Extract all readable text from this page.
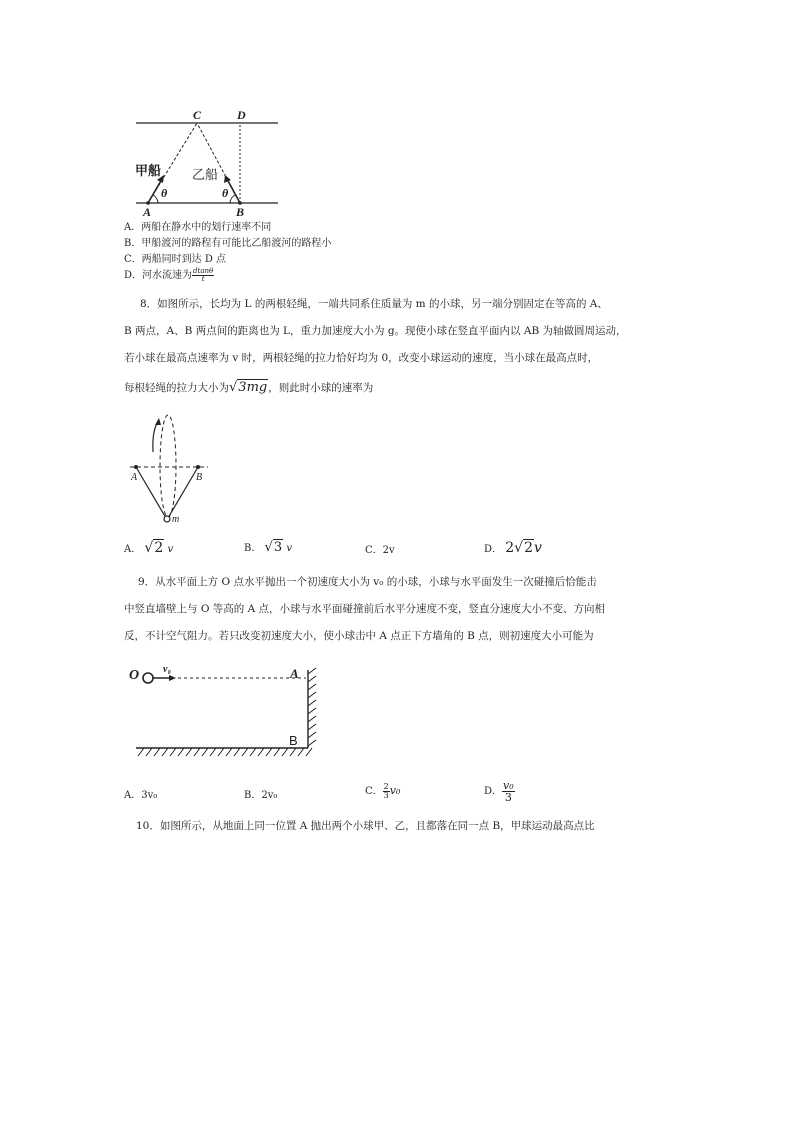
C	D
A	B
甲船 乙船
θ	θ
A．两船在静水中的划行速率不同
B．甲船渡河的路程有可能比乙船渡河的路程小
C．两船同时到达 D 点
D．河水流速为 $\frac{dtan\theta}{t}$
8．如图所示，长均为 L 的两根轻绳，一端共同系住质量为 m 的小球，另一端分别固定在等高的 A、
B 两点，A、B 两点间的距离也为 L，重力加速度大小为 g。现使小球在竖直平面内以 AB 为轴做圆周运动，
若小球在最高点速率为 v 时，两根轻绳的拉力恰好均为 0，改变小球运动的速度，当小球在最高点时，
每根轻绳的拉力大小为√3mg，则此时小球的速率为
A	B
m
A． √2 v	B． √3 v	C．2v	D． 2√2v
9．从水平面上方 O 点水平抛出一个初速度大小为 v₀ 的小球，小球与水平面发生一次碰撞后恰能击
中竖直墙壁上与 O 等高的 A 点，小球与水平面碰撞前后水平分速度不变，竖直分速度大小不变、方向相
反，不计空气阻力。若只改变初速度大小，使小球击中 A 点正下方墙角的 B 点，则初速度大小可能为
O v₀	A
B
A．3v₀	B．2v₀	C． $\frac{2}{3} v_0$	D． $\frac{\text{v₀}}{3}$
10．如图所示，从地面上同一位置 A 抛出两个小球甲、乙，且都落在同一点 B，甲球运动最高点比
